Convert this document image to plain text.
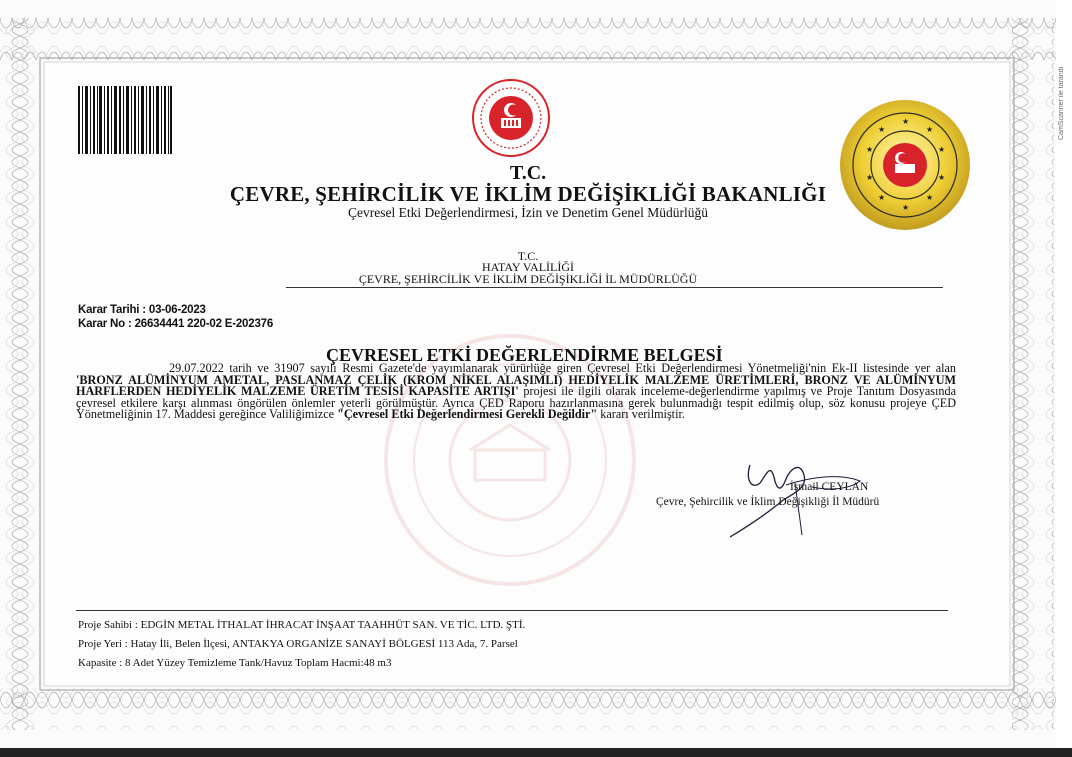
★
★
★
★
★
★
★
★
★
★
T.C.
ÇEVRE, ŞEHİRCİLİK VE İKLİM DEĞİŞİKLİĞİ BAKANLIĞI
Çevresel Etki Değerlendirmesi, İzin ve Denetim Genel Müdürlüğü
T.C.
HATAY VALİLİĞİ
ÇEVRE, ŞEHİRCİLİK VE İKLİM DEĞİŞİKLİĞİ İL MÜDÜRLÜĞÜ
Karar Tarihi : 03-06-2023
Karar No : 26634441 220-02 E-202376
ÇEVRESEL ETKİ DEĞERLENDİRME BELGESİ

29.07.2022 tarih ve 31907 sayılı Resmi Gazete'de yayımlanarak yürürlüğe giren Çevresel Etki Değerlendirmesi Yönetmeliği'nin Ek-II listesinde yer alan 'BRONZ ALÜMİNYUM AMETAL, PASLANMAZ ÇELİK (KROM NİKEL ALAŞIMLI) HEDİYELİK MALZEME ÜRETİMLERİ, BRONZ VE ALÜMİNYUM HARFLERDEN HEDİYELİK MALZEME ÜRETİM TESİSİ KAPASİTE ARTIŞI' projesi ile ilgili olarak inceleme-değerlendirme yapılmış ve Proje Tanıtım Dosyasında çevresel etkilere karşı alınması öngörülen önlemler yeterli görülmüştür. Ayrıca ÇED Raporu hazırlanmasına gerek bulunmadığı tespit edilmiş olup, söz konusu projeye ÇED Yönetmeliğinin 17. Maddesi gereğince Valiliğimizce "Çevresel Etki Değerlendirmesi Gerekli Değildir" kararı verilmiştir.

İsmail CEYLAN
Çevre, Şehircilik ve İklim Değişikliği İl Müdürü
Proje Sahibi : EDGİN METAL İTHALAT İHRACAT İNŞAAT TAAHHÜT SAN. VE TİC. LTD. ŞTİ.
Proje Yeri : Hatay İli, Belen İlçesi, ANTAKYA ORGANİZE SANAYİ BÖLGESİ 113 Ada, 7. Parsel
Kapasite : 8 Adet Yüzey Temizleme Tank/Havuz Toplam Hacmi:48 m3
CamScanner ile tarandı
